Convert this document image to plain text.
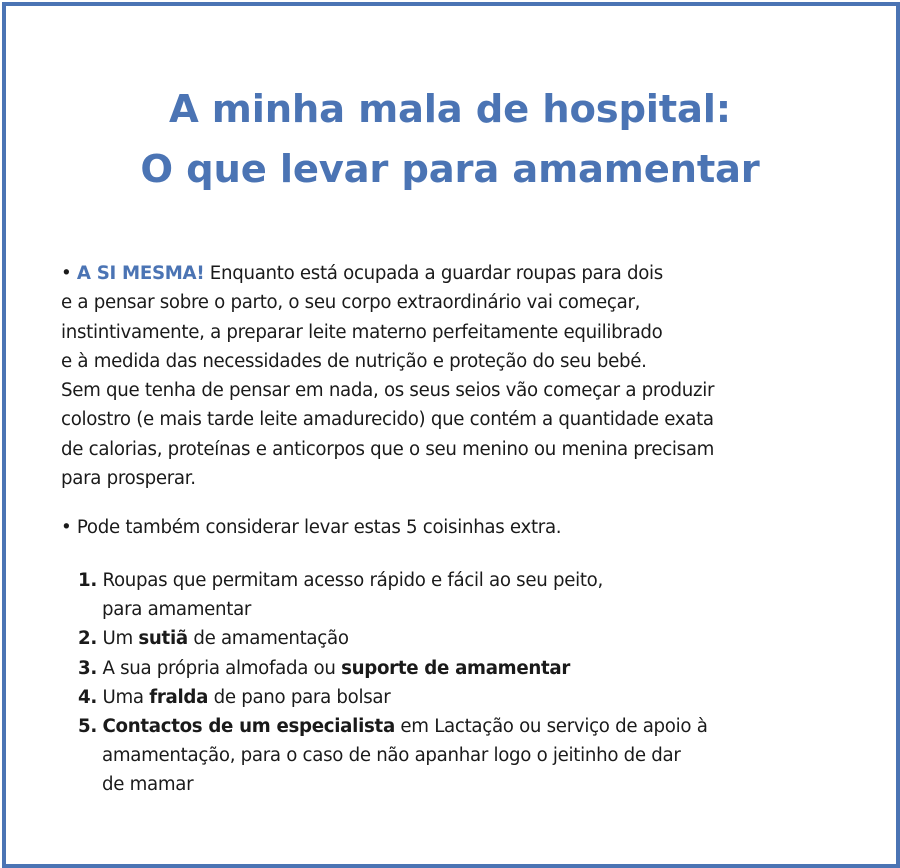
A minha mala de hospital:
O que levar para amamentar
• A SI MESMA! Enquanto está ocupada a guardar roupas para dois
e a pensar sobre o parto, o seu corpo extraordinário vai começar,
instintivamente, a preparar leite materno perfeitamente equilibrado
e à medida das necessidades de nutrição e proteção do seu bebé.
Sem que tenha de pensar em nada, os seus seios vão começar a produzir
colostro (e mais tarde leite amadurecido) que contém a quantidade exata
de calorias, proteínas e anticorpos que o seu menino ou menina precisam
para prosperar.
• Pode também considerar levar estas 5 coisinhas extra.
1. Roupas que permitam acesso rápido e fácil ao seu peito,
para amamentar
2. Um sutiã de amamentação
3. A sua própria almofada ou suporte de amamentar
4. Uma fralda de pano para bolsar
5. Contactos de um especialista em Lactação ou serviço de apoio à
amamentação, para o caso de não apanhar logo o jeitinho de dar
de mamar
